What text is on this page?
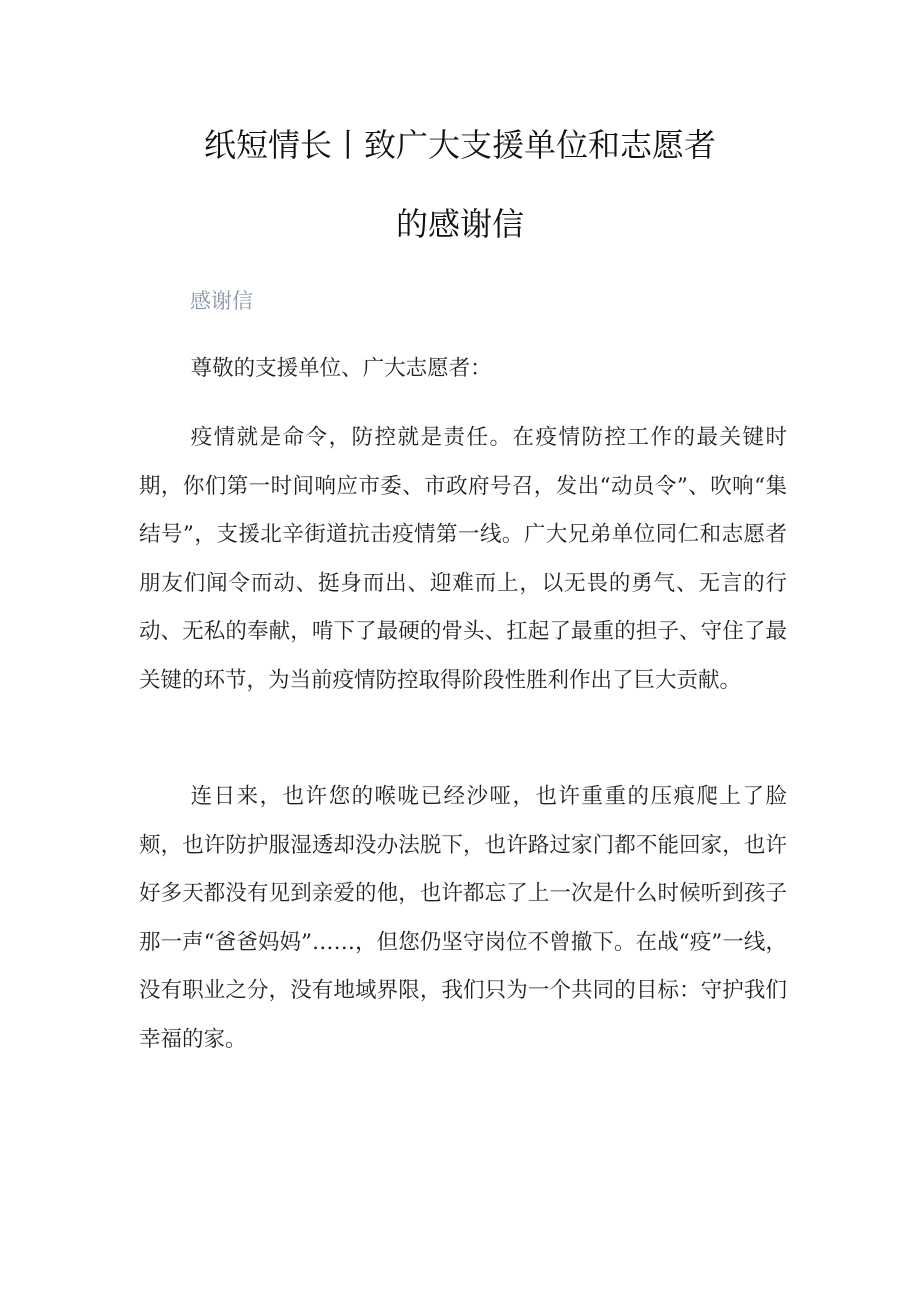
纸短情长丨致广大支援单位和志愿者
的感谢信
感谢信

尊敬的支援单位、广大志愿者：

疫情就是命令，防控就是责任。在疫情防控工作的最关键时期，你们第一时间响应市委、市政府号召，发出“动员令”、吹响“集结号”，支援北辛街道抗击疫情第一线。广大兄弟单位同仁和志愿者朋友们闻令而动、挺身而出、迎难而上，以无畏的勇气、无言的行动、无私的奉献，啃下了最硬的骨头、扛起了最重的担子、守住了最关键的环节，为当前疫情防控取得阶段性胜利作出了巨大贡献。

连日来，也许您的喉咙已经沙哑，也许重重的压痕爬上了脸颊，也许防护服湿透却没办法脱下，也许路过家门都不能回家，也许好多天都没有见到亲爱的他，也许都忘了上一次是什么时候听到孩子那一声“爸爸妈妈”……，但您仍坚守岗位不曾撤下。在战“疫”一线，没有职业之分，没有地域界限，我们只为一个共同的目标：守护我们幸福的家。
